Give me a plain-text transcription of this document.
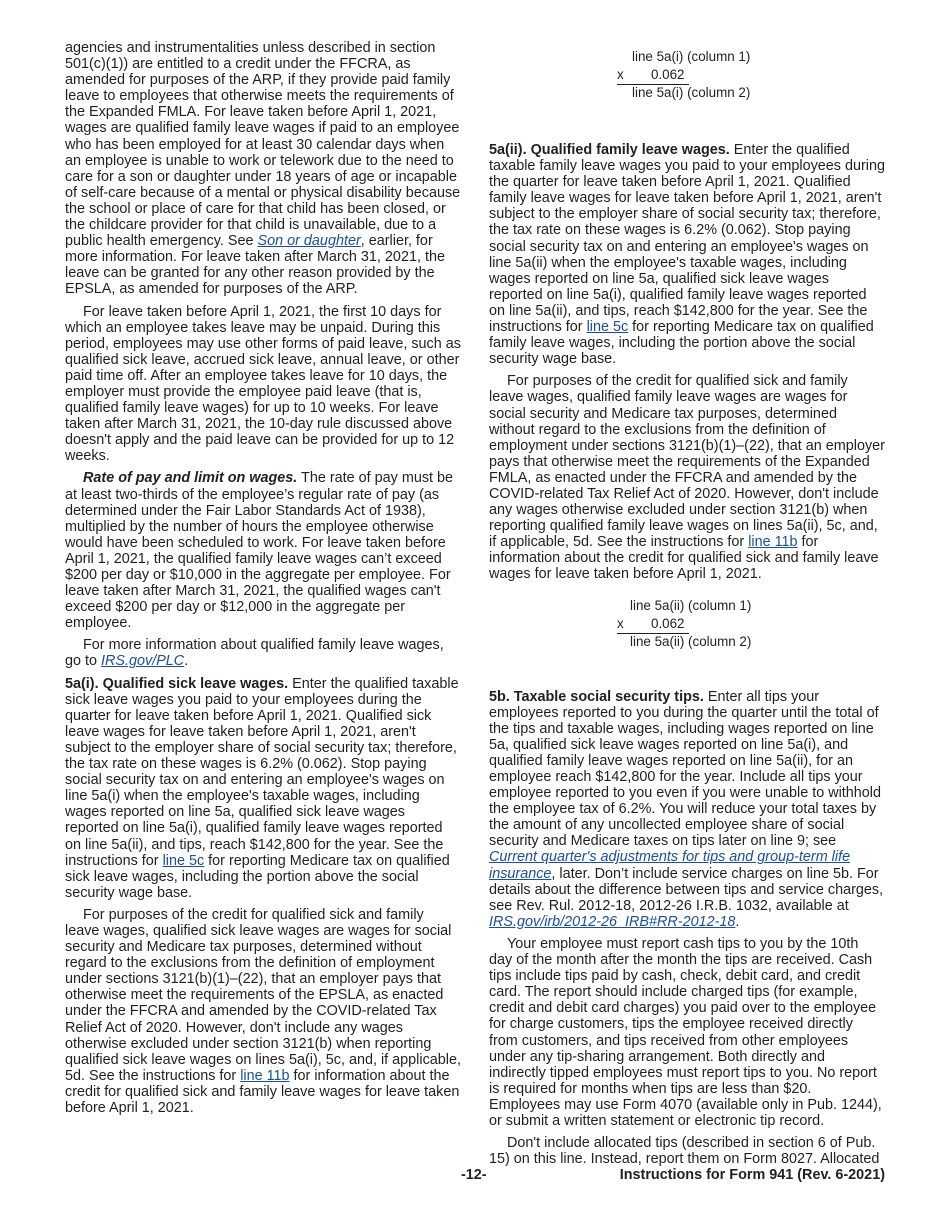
agencies and instrumentalities unless described in section 501(c)(1)) are entitled to a credit under the FFCRA, as amended for purposes of the ARP, if they provide paid family leave to employees that otherwise meets the requirements of the Expanded FMLA. For leave taken before April 1, 2021, wages are qualified family leave wages if paid to an employee who has been employed for at least 30 calendar days when an employee is unable to work or telework due to the need to care for a son or daughter under 18 years of age or incapable of self-care because of a mental or physical disability because the school or place of care for that child has been closed, or the childcare provider for that child is unavailable, due to a public health emergency. See Son or daughter, earlier, for more information. For leave taken after March 31, 2021, the leave can be granted for any other reason provided by the EPSLA, as amended for purposes of the ARP.

For leave taken before April 1, 2021, the first 10 days for which an employee takes leave may be unpaid. During this period, employees may use other forms of paid leave, such as qualified sick leave, accrued sick leave, annual leave, or other paid time off. After an employee takes leave for 10 days, the employer must provide the employee paid leave (that is, qualified family leave wages) for up to 10 weeks. For leave taken after March 31, 2021, the 10-day rule discussed above doesn't apply and the paid leave can be provided for up to 12 weeks.

Rate of pay and limit on wages. The rate of pay must be at least two-thirds of the employee’s regular rate of pay (as determined under the Fair Labor Standards Act of 1938), multiplied by the number of hours the employee otherwise would have been scheduled to work. For leave taken before April 1, 2021, the qualified family leave wages can’t exceed $200 per day or $10,000 in the aggregate per employee. For leave taken after March 31, 2021, the qualified wages can't exceed $200 per day or $12,000 in the aggregate per employee.

For more information about qualified family leave wages, go to IRS.gov/PLC.

5a(i). Qualified sick leave wages. Enter the qualified taxable sick leave wages you paid to your employees during the quarter for leave taken before April 1, 2021. Qualified sick leave wages for leave taken before April 1, 2021, aren't subject to the employer share of social security tax; therefore, the tax rate on these wages is 6.2% (0.062). Stop paying social security tax on and entering an employee's wages on line 5a(i) when the employee's taxable wages, including wages reported on line 5a, qualified sick leave wages reported on line 5a(i), qualified family leave wages reported on line 5a(ii), and tips, reach $142,800 for the year. See the instructions for line 5c for reporting Medicare tax on qualified sick leave wages, including the portion above the social security wage base.

For purposes of the credit for qualified sick and family leave wages, qualified sick leave wages are wages for social security and Medicare tax purposes, determined without regard to the exclusions from the definition of employment under sections 3121(b)(1)–(22), that an employer pays that otherwise meet the requirements of the EPSLA, as enacted under the FFCRA and amended by the COVID-related Tax Relief Act of 2020. However, don't include any wages otherwise excluded under section 3121(b) when reporting qualified sick leave wages on lines 5a(i), 5c, and, if applicable, 5d. See the instructions for line 11b for information about the credit for qualified sick and family leave wages for leave taken before April 1, 2021.

line 5a(i) (column 1)
x 0.062
line 5a(i) (column 2)

5a(ii). Qualified family leave wages. Enter the qualified taxable family leave wages you paid to your employees during the quarter for leave taken before April 1, 2021. Qualified family leave wages for leave taken before April 1, 2021, aren't subject to the employer share of social security tax; therefore, the tax rate on these wages is 6.2% (0.062). Stop paying social security tax on and entering an employee's wages on line 5a(ii) when the employee's taxable wages, including wages reported on line 5a, qualified sick leave wages reported on line 5a(i), qualified family leave wages reported on line 5a(ii), and tips, reach $142,800 for the year. See the instructions for line 5c for reporting Medicare tax on qualified family leave wages, including the portion above the social security wage base.

For purposes of the credit for qualified sick and family leave wages, qualified family leave wages are wages for social security and Medicare tax purposes, determined without regard to the exclusions from the definition of employment under sections 3121(b)(1)–(22), that an employer pays that otherwise meet the requirements of the Expanded FMLA, as enacted under the FFCRA and amended by the COVID-related Tax Relief Act of 2020. However, don't include any wages otherwise excluded under section 3121(b) when reporting qualified family leave wages on lines 5a(ii), 5c, and, if applicable, 5d. See the instructions for line 11b for information about the credit for qualified sick and family leave wages for leave taken before April 1, 2021.

line 5a(ii) (column 1)
x 0.062
line 5a(ii) (column 2)

5b. Taxable social security tips. Enter all tips your employees reported to you during the quarter until the total of the tips and taxable wages, including wages reported on line 5a, qualified sick leave wages reported on line 5a(i), and qualified family leave wages reported on line 5a(ii), for an employee reach $142,800 for the year. Include all tips your employee reported to you even if you were unable to withhold the employee tax of 6.2%. You will reduce your total taxes by the amount of any uncollected employee share of social security and Medicare taxes on tips later on line 9; see Current quarter's adjustments for tips and group-term life insurance, later. Don’t include service charges on line 5b. For details about the difference between tips and service charges, see Rev. Rul. 2012-18, 2012-26 I.R.B. 1032, available at IRS.gov/irb/2012-26_IRB#RR-2012-18.

Your employee must report cash tips to you by the 10th day of the month after the month the tips are received. Cash tips include tips paid by cash, check, debit card, and credit card. The report should include charged tips (for example, credit and debit card charges) you paid over to the employee for charge customers, tips the employee received directly from customers, and tips received from other employees under any tip-sharing arrangement. Both directly and indirectly tipped employees must report tips to you. No report is required for months when tips are less than $20. Employees may use Form 4070 (available only in Pub. 1244), or submit a written statement or electronic tip record.

Don't include allocated tips (described in section 6 of Pub. 15) on this line. Instead, report them on Form 8027. Allocated

-12-	Instructions for Form 941 (Rev. 6-2021)
